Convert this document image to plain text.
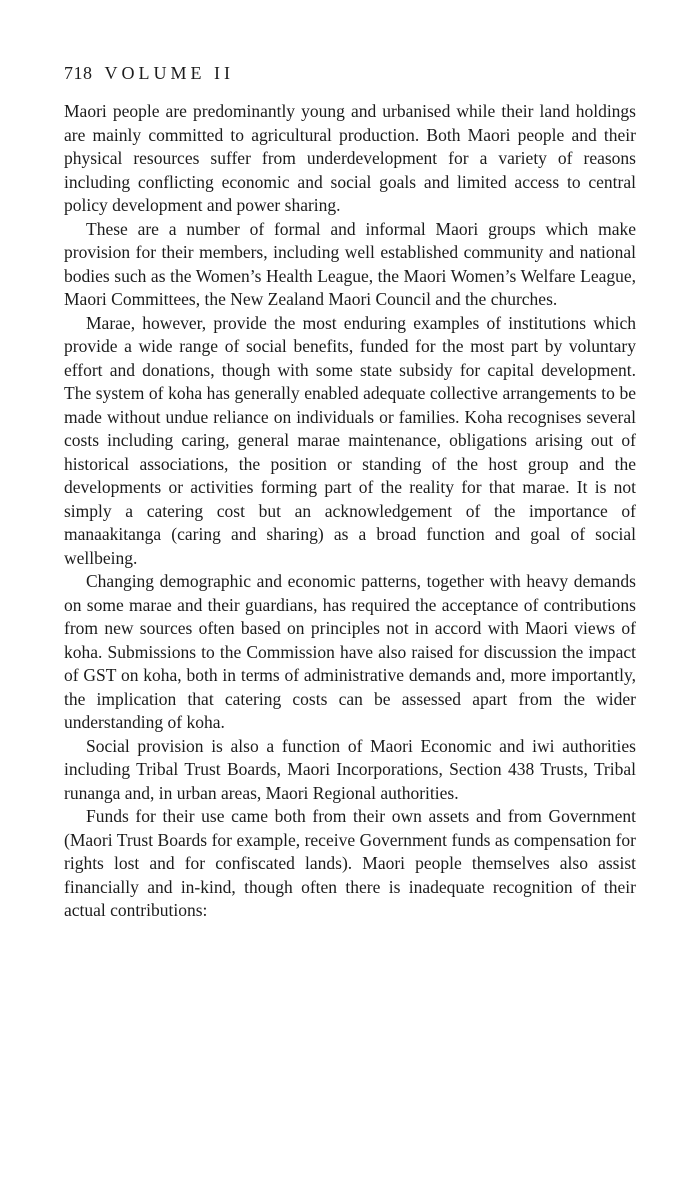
718 VOLUME II

Maori people are predominantly young and urbanised while their land holdings are mainly committed to agricultural production. Both Maori people and their physical resources suffer from underdevelopment for a variety of reasons including conflicting economic and social goals and limited access to central policy development and power sharing.

These are a number of formal and informal Maori groups which make provision for their members, including well established community and national bodies such as the Women’s Health League, the Maori Women’s Welfare League, Maori Committees, the New Zealand Maori Council and the churches.

Marae, however, provide the most enduring examples of institutions which provide a wide range of social benefits, funded for the most part by voluntary effort and donations, though with some state subsidy for capital development. The system of koha has generally enabled adequate collective arrangements to be made without undue reliance on individuals or families. Koha recognises several costs including caring, general marae maintenance, obligations arising out of historical associations, the position or standing of the host group and the developments or activities forming part of the reality for that marae. It is not simply a catering cost but an acknowledgement of the importance of manaakitanga (caring and sharing) as a broad function and goal of social wellbeing.

Changing demographic and economic patterns, together with heavy demands on some marae and their guardians, has required the acceptance of contributions from new sources often based on principles not in accord with Maori views of koha. Submissions to the Commission have also raised for discussion the impact of GST on koha, both in terms of administrative demands and, more importantly, the implication that catering costs can be assessed apart from the wider understanding of koha.

Social provision is also a function of Maori Economic and iwi authorities including Tribal Trust Boards, Maori Incorporations, Section 438 Trusts, Tribal runanga and, in urban areas, Maori Regional authorities.

Funds for their use came both from their own assets and from Government (Maori Trust Boards for example, receive Government funds as compensation for rights lost and for confiscated lands). Maori people themselves also assist financially and in-kind, though often there is inadequate recognition of their actual contributions:
